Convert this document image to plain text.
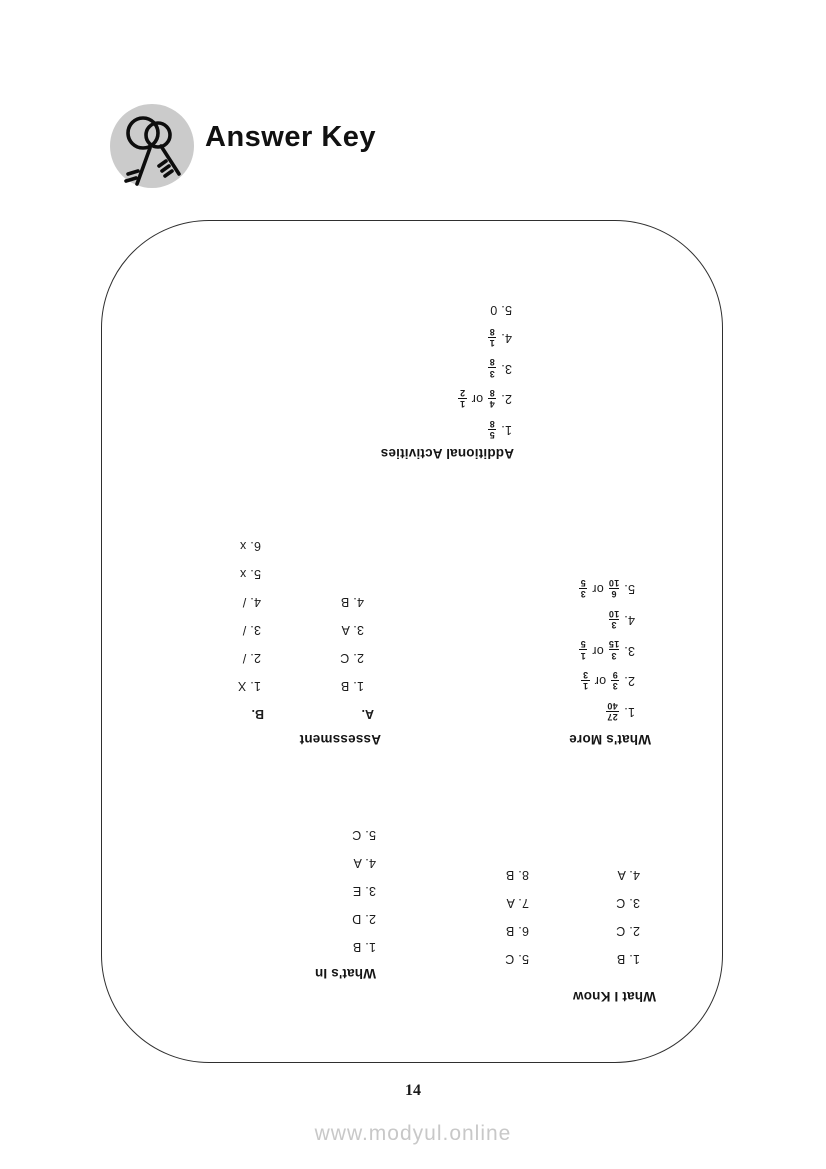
Answer Key
What I Know
1. B
2. C
3. C
4. A
5. C
6. B
7. A
8. B
What's In
1. B
2. D
3. E
4. A
5. C
What's More
1.
27
40
2.
3
9
or
1
3
3.
3
15
or
1
5
4.
3
10
5.
6
10
or
3
5
Assessment
A.
B.
1. B
2. C
3. A
4. B
1. X
2. /
3. /
4. /
5. x
6. x
Additional Activities
1.
5
8
2.
4
8
or
1
2
3.
3
8
4.
1
8
5. 0
14
www.modyul.online
